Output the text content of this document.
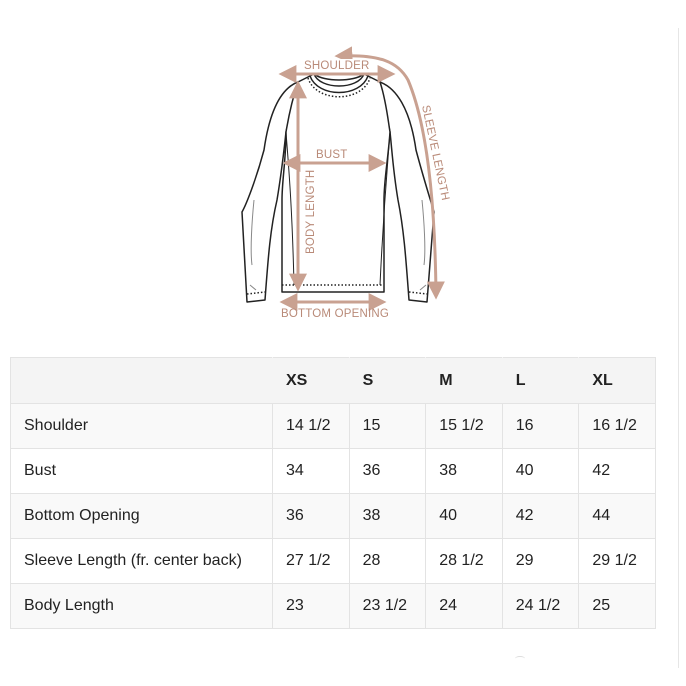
SHOULDER
BUST
BODY LENGTH
SLEEVE LENGTH
BOTTOM OPENING
	XS	S	M	L	XL
Shoulder	14 1/2	15	15 1/2	16	16 1/2
Bust	34	36	38	40	42
Bottom Opening	36	38	40	42	44
Sleeve Length (fr. center back)	27 1/2	28	28 1/2	29	29 1/2
Body Length	23	23 1/2	24	24 1/2	25
